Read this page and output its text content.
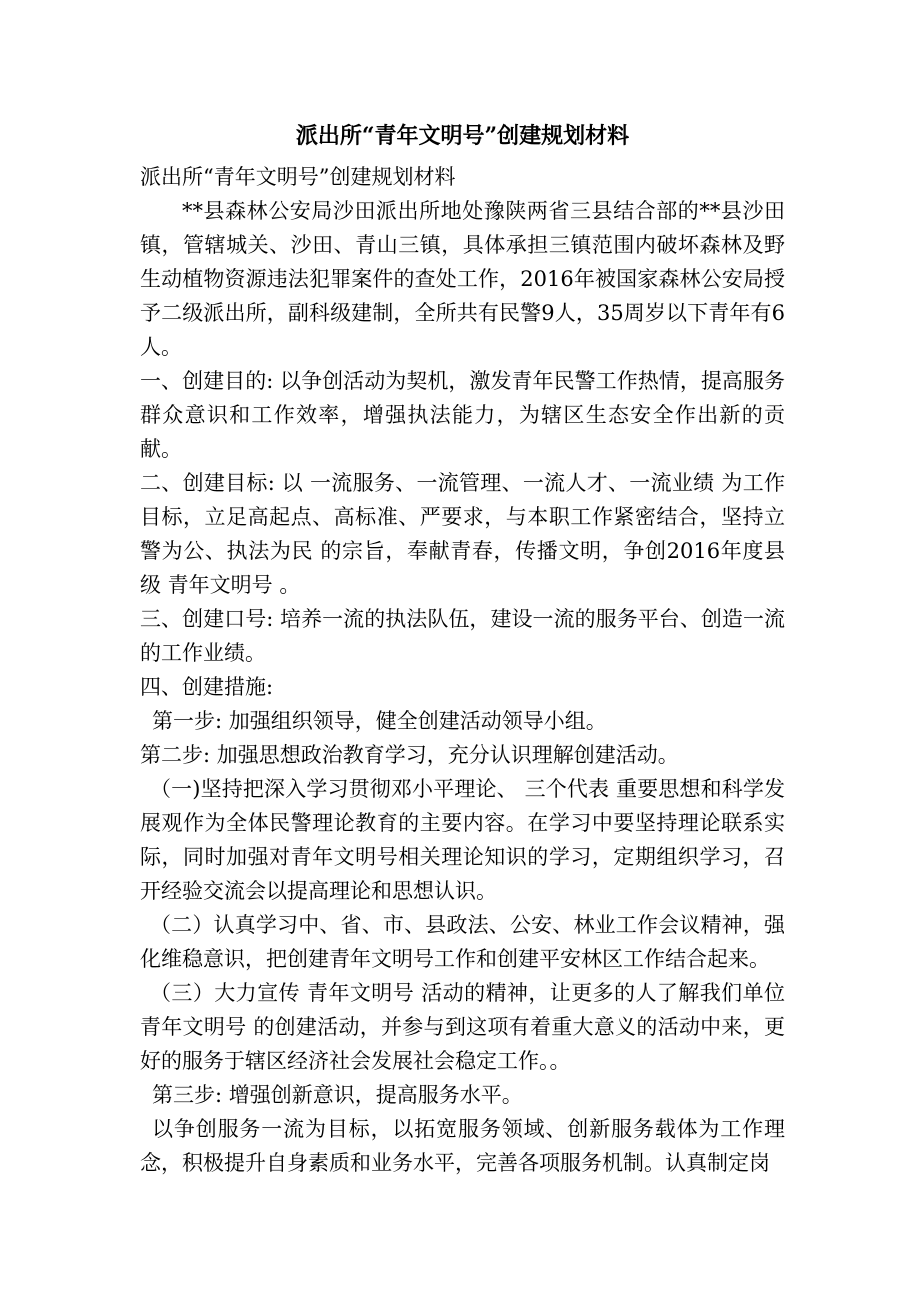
派出所“青年文明号”创建规划材料

派出所“青年文明号”创建规划材料

**县森林公安局沙田派出所地处豫陕两省三县结合部的**县沙田镇，管辖城关、沙田、青山三镇，具体承担三镇范围内破坏森林及野生动植物资源违法犯罪案件的查处工作，2016年被国家森林公安局授予二级派出所，副科级建制，全所共有民警9人，35周岁以下青年有6人。

一、创建目的: 以争创活动为契机，激发青年民警工作热情，提高服务群众意识和工作效率，增强执法能力，为辖区生态安全作出新的贡献。

二、创建目标: 以 一流服务、一流管理、一流人才、一流业绩 为工作目标，立足高起点、高标准、严要求，与本职工作紧密结合，坚持立警为公、执法为民 的宗旨，奉献青春，传播文明，争创2016年度县级 青年文明号 。

三、创建口号: 培养一流的执法队伍，建设一流的服务平台、创造一流的工作业绩。

四、创建措施:

第一步: 加强组织领导，健全创建活动领导小组。

第二步: 加强思想政治教育学习，充分认识理解创建活动。

（一)坚持把深入学习贯彻邓小平理论、 三个代表 重要思想和科学发展观作为全体民警理论教育的主要内容。在学习中要坚持理论联系实际，同时加强对青年文明号相关理论知识的学习，定期组织学习，召开经验交流会以提高理论和思想认识。

（二）认真学习中、省、市、县政法、公安、林业工作会议精神，强化维稳意识，把创建青年文明号工作和创建平安林区工作结合起来。

（三）大力宣传 青年文明号 活动的精神，让更多的人了解我们单位 青年文明号 的创建活动，并参与到这项有着重大意义的活动中来，更好的服务于辖区经济社会发展社会稳定工作。。

第三步: 增强创新意识，提高服务水平。

以争创服务一流为目标，以拓宽服务领域、创新服务载体为工作理念，积极提升自身素质和业务水平，完善各项服务机制。认真制定岗
